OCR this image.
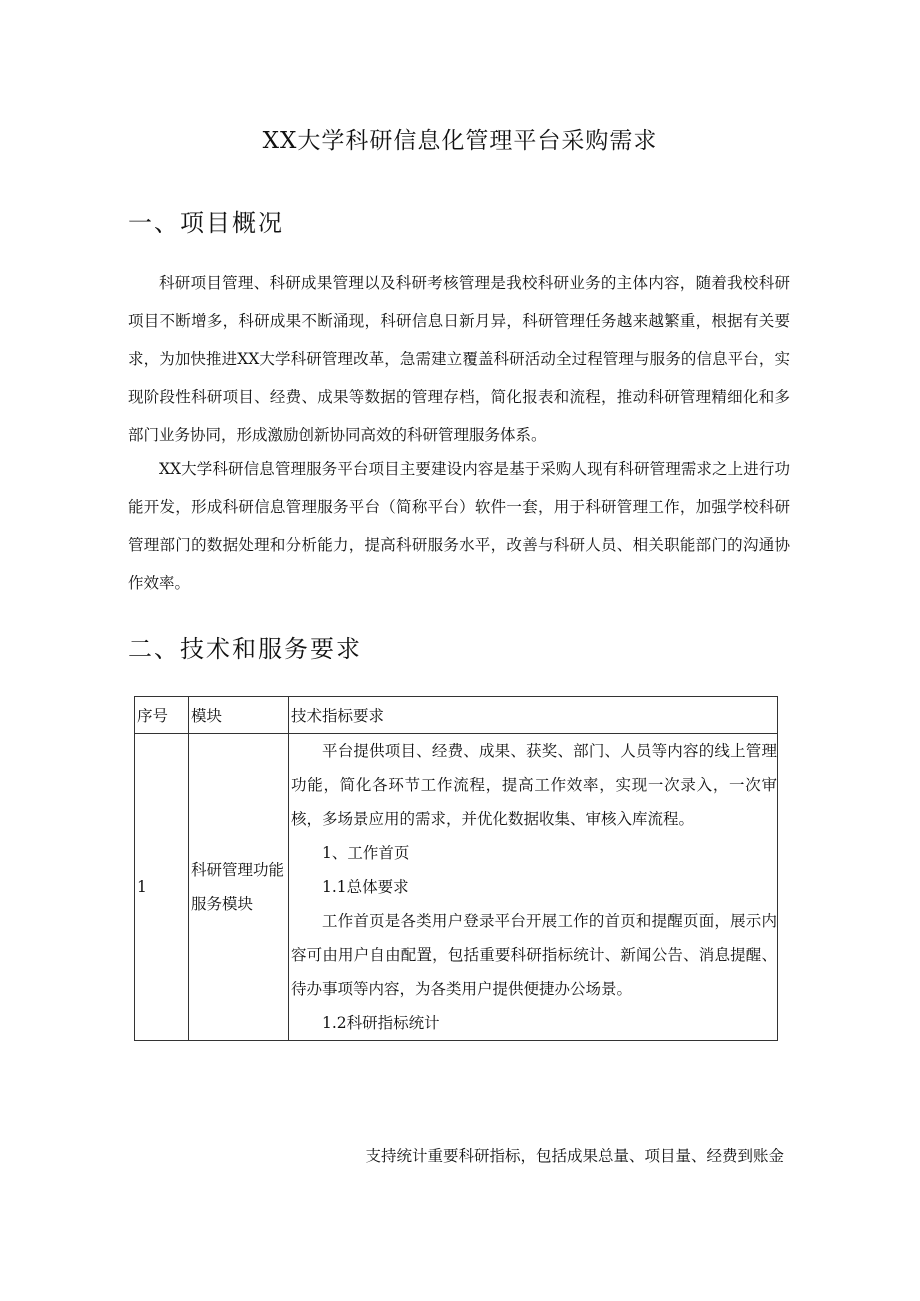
XX大学科研信息化管理平台采购需求
一、项目概况

科研项目管理、科研成果管理以及科研考核管理是我校科研业务的主体内容，随着我校科研项目不断增多，科研成果不断涌现，科研信息日新月异，科研管理任务越来越繁重，根据有关要求，为加快推进XX大学科研管理改革，急需建立覆盖科研活动全过程管理与服务的信息平台，实现阶段性科研项目、经费、成果等数据的管理存档，简化报表和流程，推动科研管理精细化和多部门业务协同，形成激励创新协同高效的科研管理服务体系。

XX大学科研信息管理服务平台项目主要建设内容是基于采购人现有科研管理需求之上进行功能开发，形成科研信息管理服务平台（简称平台）软件一套，用于科研管理工作，加强学校科研管理部门的数据处理和分析能力，提高科研服务水平，改善与科研人员、相关职能部门的沟通协作效率。

二、技术和服务要求
序号	模块	技术指标要求
1	科研管理功能服务模块	平台提供项目、经费、成果、获奖、部门、人员等内容的线上管理功能，简化各环节工作流程，提高工作效率，实现一次录入，一次审核，多场景应用的需求，并优化数据收集、审核入库流程。

1、工作首页

1.1总体要求

工作首页是各类用户登录平台开展工作的首页和提醒页面，展示内容可由用户自由配置，包括重要科研指标统计、新闻公告、消息提醒、待办事项等内容，为各类用户提供便捷办公场景。

1.2科研指标统计

支持统计重要科研指标，包括成果总量、项目量、经费到账金
